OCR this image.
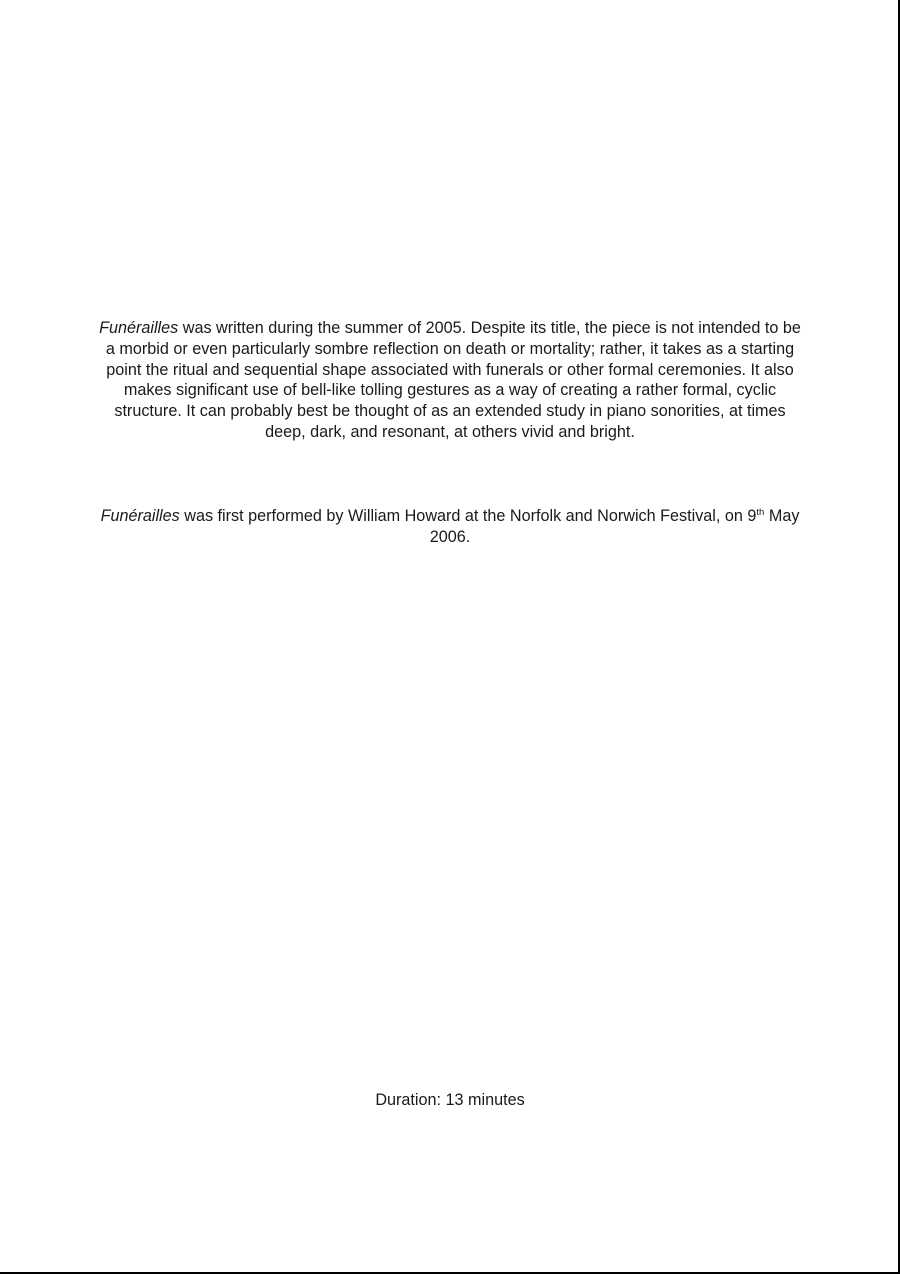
Funérailles was written during the summer of 2005. Despite its title, the piece is not intended to be a morbid or even particularly sombre reflection on death or mortality; rather, it takes as a starting point the ritual and sequential shape associated with funerals or other formal ceremonies. It also makes significant use of bell-like tolling gestures as a way of creating a rather formal, cyclic structure. It can probably best be thought of as an extended study in piano sonorities, at times deep, dark, and resonant, at others vivid and bright.

Funérailles was first performed by William Howard at the Norfolk and Norwich Festival, on 9th May 2006.

Duration: 13 minutes
